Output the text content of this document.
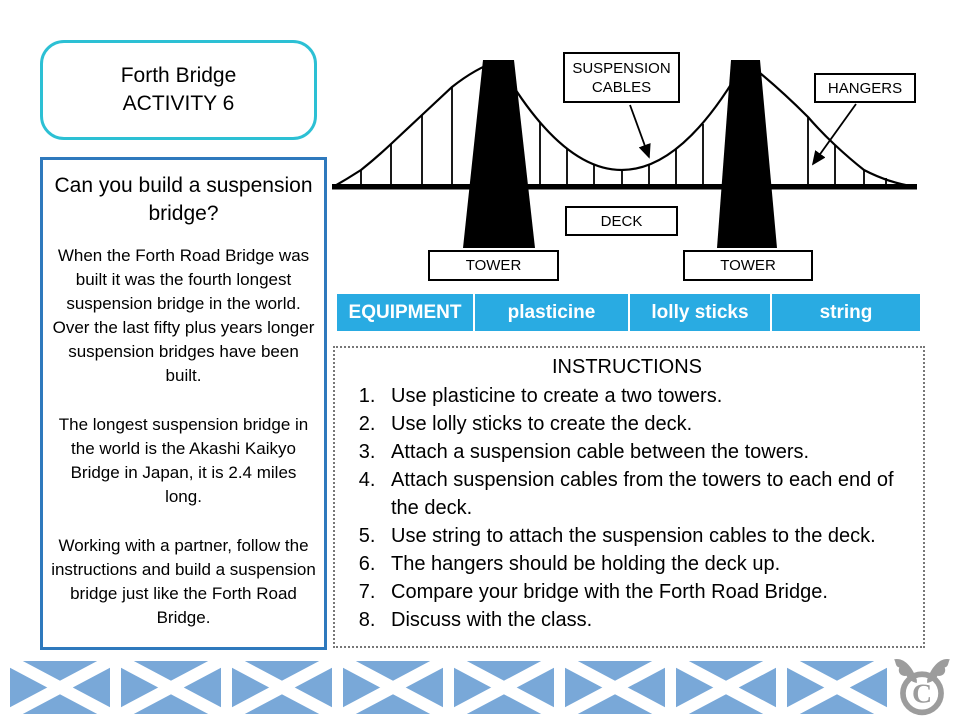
Forth Bridge
ACTIVITY 6
Can you build a suspension bridge?

When the Forth Road Bridge was built it was the fourth longest suspension bridge in the world. Over the last fifty plus years longer suspension bridges have been built.

The longest suspension bridge in the world is the Akashi Kaikyo Bridge in Japan, it is 2.4 miles long.

Working with a partner, follow the instructions and build a suspension bridge just like the Forth Road Bridge.

SUSPENSION CABLES	HANGERS
DECK
TOWER	TOWER
EQUIPMENT	plasticine	lolly sticks	string
INSTRUCTIONS
1. Use plasticine to create a two towers.
2. Use lolly sticks to create the deck.
3. Attach a suspension cable between the towers.
4. Attach suspension cables from the towers to each end of the deck.
5. Use string to attach the suspension cables to the deck.
6. The hangers should be holding the deck up.
7. Compare your bridge with the Forth Road Bridge.
8. Discuss with the class.
C
